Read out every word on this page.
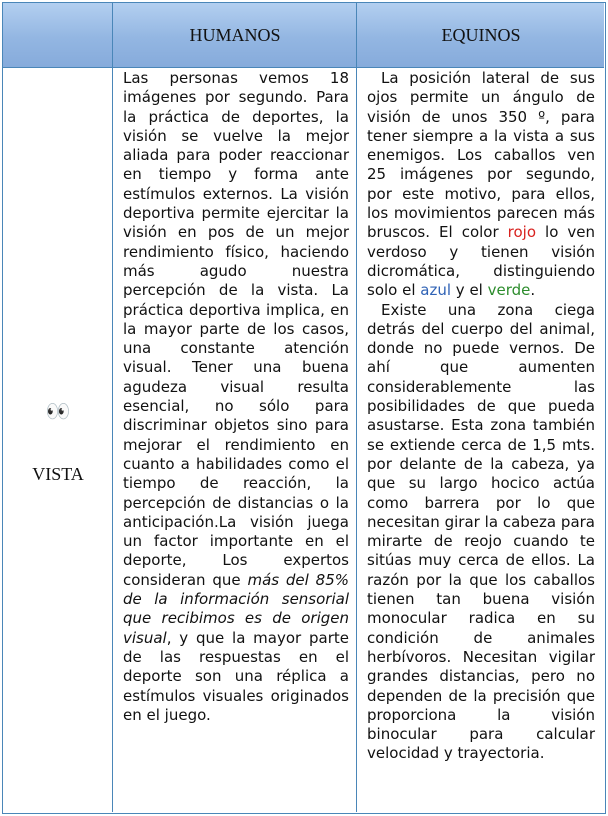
HUMANOS	EQUINOS
👀
VISTA

Las personas vemos 18 imágenes por segundo. Para la práctica de deportes, la visión se vuelve la mejor aliada para poder reaccionar en tiempo y forma ante estímulos externos. La visión deportiva permite ejercitar la visión en pos de un mejor rendimiento físico, haciendo más agudo nuestra percepción de la vista. La práctica deportiva implica, en la mayor parte de los casos, una constante atención visual. Tener una buena agudeza visual resulta esencial, no sólo para discriminar objetos sino para mejorar el rendimiento en cuanto a habilidades como el tiempo de reacción, la percepción de distancias o la anticipación.La visión juega un factor importante en el deporte, Los expertos consideran que más del 85% de la información sensorial que recibimos es de origen visual, y que la mayor parte de las respuestas en el deporte son una réplica a estímulos visuales originados en el juego.

La posición lateral de sus ojos permite un ángulo de visión de unos 350 º, para tener siempre a la vista a sus enemigos. Los caballos ven 25 imágenes por segundo, por este motivo, para ellos, los movimientos parecen más bruscos. El color rojo lo ven verdoso y tienen visión dicromática, distinguiendo solo el azul y el verde.

Existe una zona ciega detrás del cuerpo del animal, donde no puede vernos. De ahí que aumenten considerablemente las posibilidades de que pueda asustarse. Esta zona también se extiende cerca de 1,5 mts. por delante de la cabeza, ya que su largo hocico actúa como barrera por lo que necesitan girar la cabeza para mirarte de reojo cuando te sitúas muy cerca de ellos. La razón por la que los caballos tienen tan buena visión monocular radica en su condición de animales herbívoros. Necesitan vigilar grandes distancias, pero no dependen de la precisión que proporciona la visión binocular para calcular velocidad y trayectoria.
